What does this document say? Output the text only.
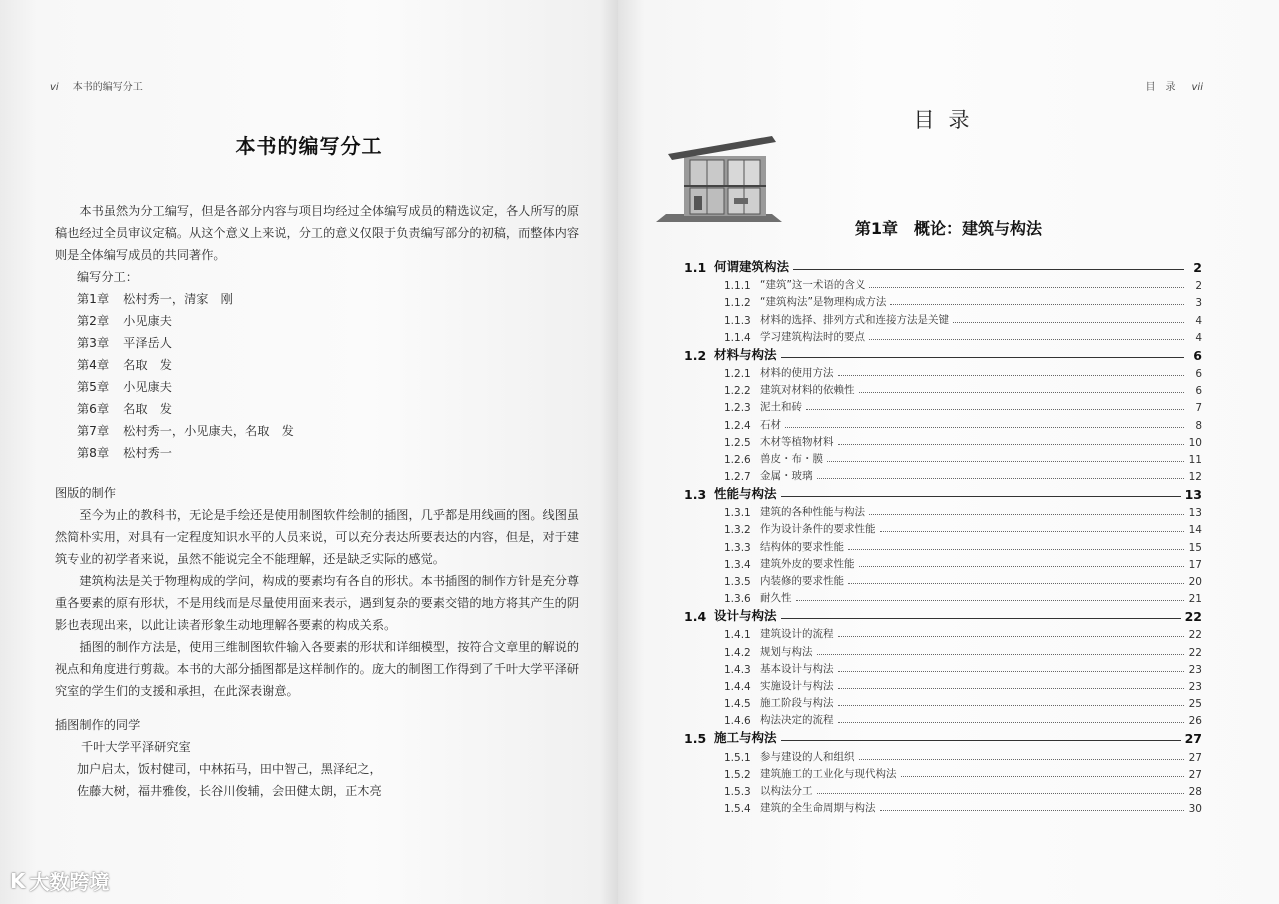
vi 本书的编写分工
本书的编写分工

本书虽然为分工编写，但是各部分内容与项目均经过全体编写成员的精选议定，各人所写的原稿也经过全员审议定稿。从这个意义上来说，分工的意义仅限于负责编写部分的初稿，而整体内容则是全体编写成员的共同著作。

编写分工：
第1章 松村秀一，清家　刚
第2章 小见康夫
第3章 平泽岳人
第4章 名取　发
第5章 小见康夫
第6章 名取　发
第7章 松村秀一，小见康夫，名取　发
第8章 松村秀一
图版的制作

至今为止的教科书，无论是手绘还是使用制图软件绘制的插图，几乎都是用线画的图。线图虽然简朴实用，对具有一定程度知识水平的人员来说，可以充分表达所要表达的内容，但是，对于建筑专业的初学者来说，虽然不能说完全不能理解，还是缺乏实际的感觉。

建筑构法是关于物理构成的学问，构成的要素均有各自的形状。本书插图的制作方针是充分尊重各要素的原有形状，不是用线而是尽量使用面来表示，遇到复杂的要素交错的地方将其产生的阴影也表现出来，以此让读者形象生动地理解各要素的构成关系。

插图的制作方法是，使用三维制图软件输入各要素的形状和详细模型，按符合文章里的解说的视点和角度进行剪裁。本书的大部分插图都是这样制作的。庞大的制图工作得到了千叶大学平泽研究室的学生们的支援和承担，在此深表谢意。

插图制作的同学
千叶大学平泽研究室
加户启太，饭村健司，中林拓马，田中智己，黑泽纪之，
佐藤大树，福井雅俊，长谷川俊辅，会田健太朗，正木亮
目　录 vii
目录
第1章　概论：建筑与构法
1.1 何谓建筑构法	2
1.1.1 “建筑”这一术语的含义	2
1.1.2 “建筑构法”是物理构成方法	3
1.1.3 材料的选择、排列方式和连接方法是关键	4
1.1.4 学习建筑构法时的要点	4
1.2 材料与构法	6
1.2.1 材料的使用方法	6
1.2.2 建筑对材料的依赖性	6
1.2.3 泥土和砖	7
1.2.4 石材	8
1.2.5 木材等植物材料	10
1.2.6 兽皮・布・膜	11
1.2.7 金属・玻璃	12
1.3 性能与构法	13
1.3.1 建筑的各种性能与构法	13
1.3.2 作为设计条件的要求性能	14
1.3.3 结构体的要求性能	15
1.3.4 建筑外皮的要求性能	17
1.3.5 内装修的要求性能	20
1.3.6 耐久性	21
1.4 设计与构法	22
1.4.1 建筑设计的流程	22
1.4.2 规划与构法	22
1.4.3 基本设计与构法	23
1.4.4 实施设计与构法	23
1.4.5 施工阶段与构法	25
1.4.6 构法决定的流程	26
1.5 施工与构法	27
1.5.1 参与建设的人和组织	27
1.5.2 建筑施工的工业化与现代构法	27
1.5.3 以构法分工	28
1.5.4 建筑的全生命周期与构法	30
K 大数跨境
